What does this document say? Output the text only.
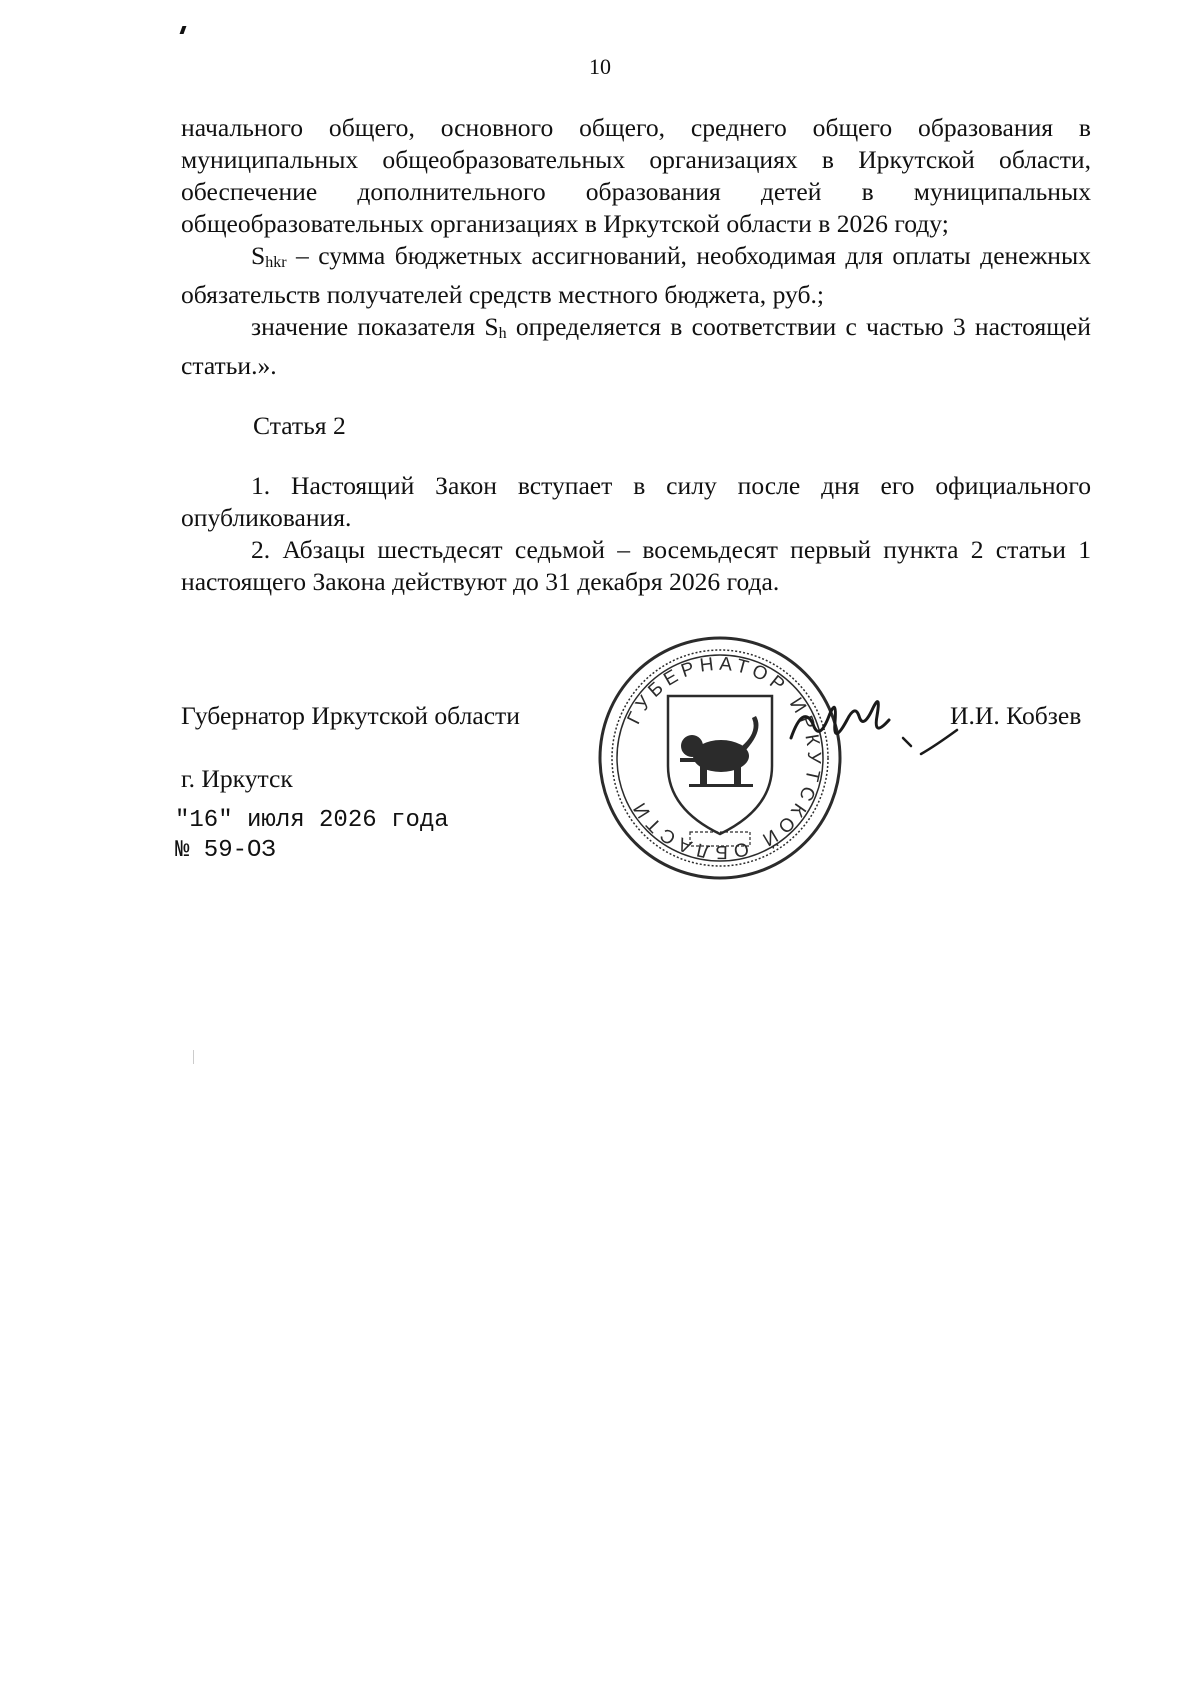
10

начального общего, основного общего, среднего общего образования в муниципальных общеобразовательных организациях в Иркутской области, обеспечение дополнительного образования детей в муниципальных общеобразовательных организациях в Иркутской области в 2026 году;

$S_{hkr}$ – сумма бюджетных ассигнований, необходимая для оплаты денежных обязательств получателей средств местного бюджета, руб.;

значение показателя $S_h$ определяется в соответствии с частью 3 настоящей статьи.».

Статья 2

1. Настоящий Закон вступает в силу после дня его официального опубликования.

2. Абзацы шестьдесят седьмой – восемьдесят первый пункта 2 статьи 1 настоящего Закона действуют до 31 декабря 2026 года.

Губернатор Иркутской области	ГУБЕРНАТОР ИРКУТСКОЙ ОБЛАСТИ
И.И. Кобзев
г. Иркутск
"16" июля 2026 года
№ 59-ОЗ
